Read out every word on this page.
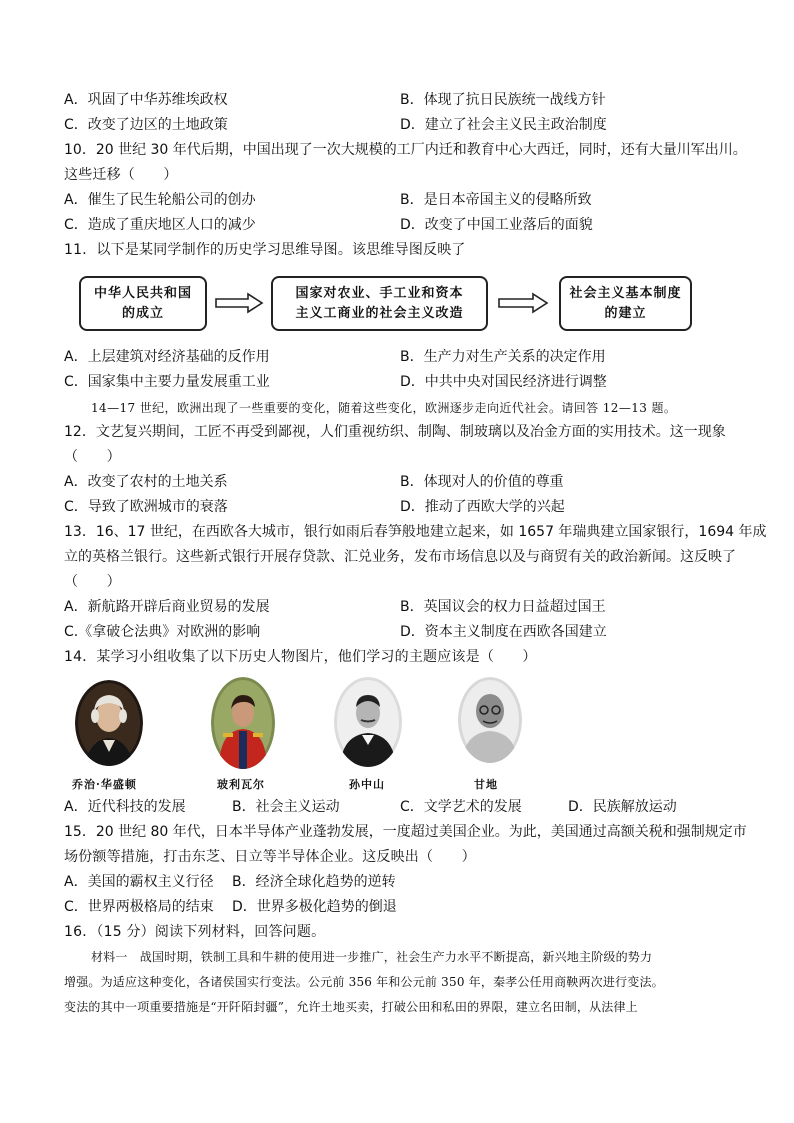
A．巩固了中华苏维埃政权	B．体现了抗日民族统一战线方针
C．改变了边区的土地政策	D．建立了社会主义民主政治制度
10．20 世纪 30 年代后期，中国出现了一次大规模的工厂内迁和教育中心大西迁，同时，还有大量川军出川。
这些迁移（　　）
A．催生了民生轮船公司的创办	B．是日本帝国主义的侵略所致
C．造成了重庆地区人口的减少	D．改变了中国工业落后的面貌
11．以下是某同学制作的历史学习思维导图。该思维导图反映了
中华人民共和国
的成立
国家对农业、手工业和资本
主义工商业的社会主义改造
社会主义基本制度
的建立
A．上层建筑对经济基础的反作用	B．生产力对生产关系的决定作用
C．国家集中主要力量发展重工业	D．中共中央对国民经济进行调整
14—17 世纪，欧洲出现了一些重要的变化，随着这些变化，欧洲逐步走向近代社会。请回答 12—13 题。
12．文艺复兴期间，工匠不再受到鄙视，人们重视纺织、制陶、制玻璃以及冶金方面的实用技术。这一现象
（　　）
A．改变了农村的土地关系	B．体现对人的价值的尊重
C．导致了欧洲城市的衰落	D．推动了西欧大学的兴起
13．16、17 世纪，在西欧各大城市，银行如雨后春笋般地建立起来，如 1657 年瑞典建立国家银行，1694 年成
立的英格兰银行。这些新式银行开展存贷款、汇兑业务，发布市场信息以及与商贸有关的政治新闻。这反映了
（　　）
A．新航路开辟后商业贸易的发展	B．英国议会的权力日益超过国王
C.《拿破仑法典》对欧洲的影响	D．资本主义制度在西欧各国建立
14．某学习小组收集了以下历史人物图片，他们学习的主题应该是（　　）
乔治·华盛顿	玻利瓦尔	孙中山	甘地
A．近代科技的发展	B．社会主义运动	C．文学艺术的发展	D．民族解放运动
15．20 世纪 80 年代，日本半导体产业蓬勃发展，一度超过美国企业。为此，美国通过高额关税和强制规定市
场份额等措施，打击东芝、日立等半导体企业。这反映出（　　）
A．美国的霸权主义行径 B．经济全球化趋势的逆转
C．世界两极格局的结束 D．世界多极化趋势的倒退
16．（15 分）阅读下列材料，回答问题。
材料一　战国时期，铁制工具和牛耕的使用进一步推广，社会生产力水平不断提高，新兴地主阶级的势力
增强。为适应这种变化，各诸侯国实行变法。公元前 356 年和公元前 350 年，秦孝公任用商鞅两次进行变法。
变法的其中一项重要措施是“开阡陌封疆”，允许土地买卖，打破公田和私田的界限，建立名田制，从法律上
